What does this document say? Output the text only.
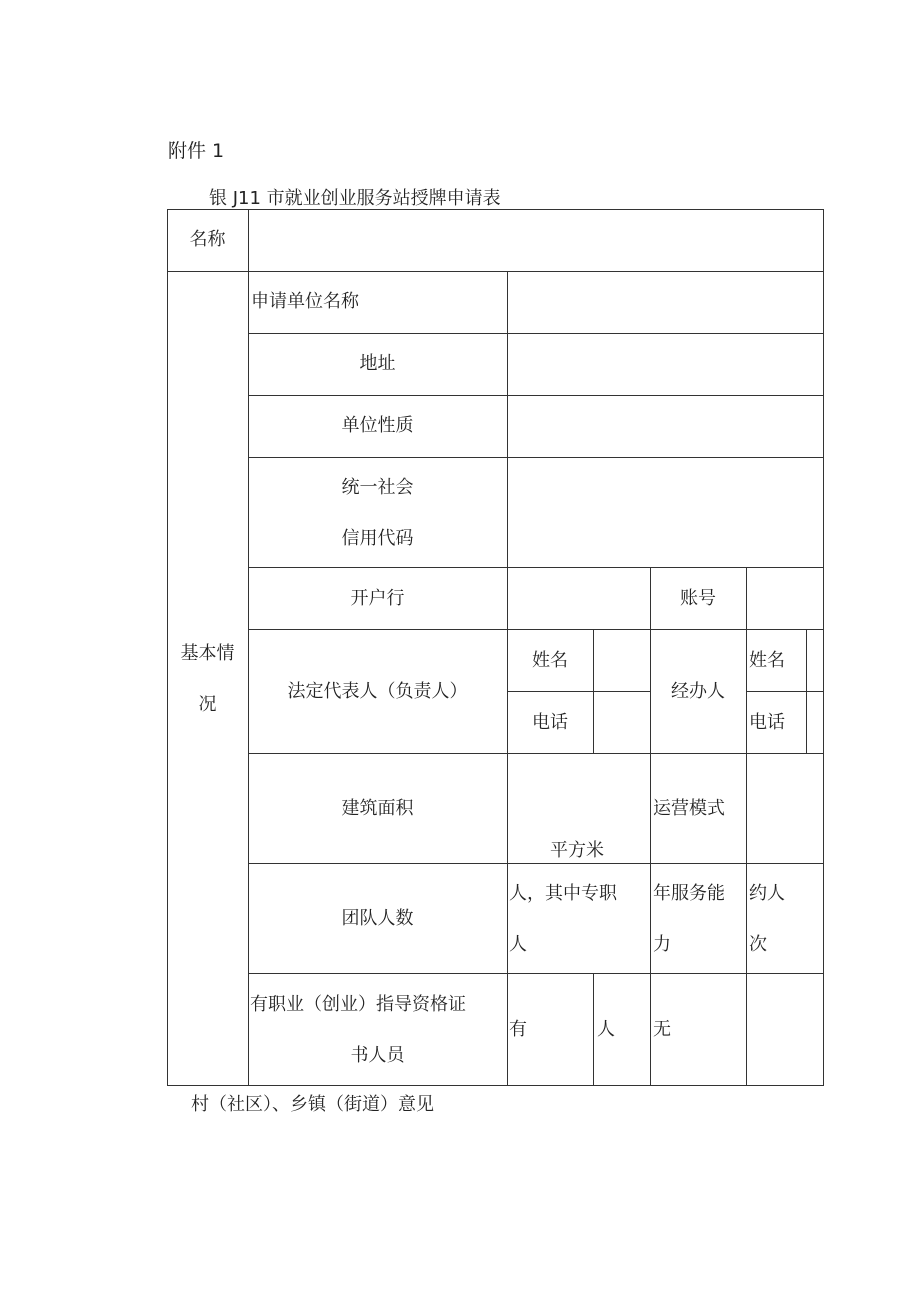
附件 1
银 J11 市就业创业服务站授牌申请表
名称
基本情
况
申请单位名称
地址
单位性质
统一社会
信用代码
开户行	账号
法定代表人（负责人）
姓名
电话
经办人
姓名
电话
建筑面积
平方米
运营模式
团队人数
人，其中专职
人
年服务能
力
约人
次
有职业（创业）指导资格证
书人员
有	人 无
村（社区）、乡镇（街道）意见
